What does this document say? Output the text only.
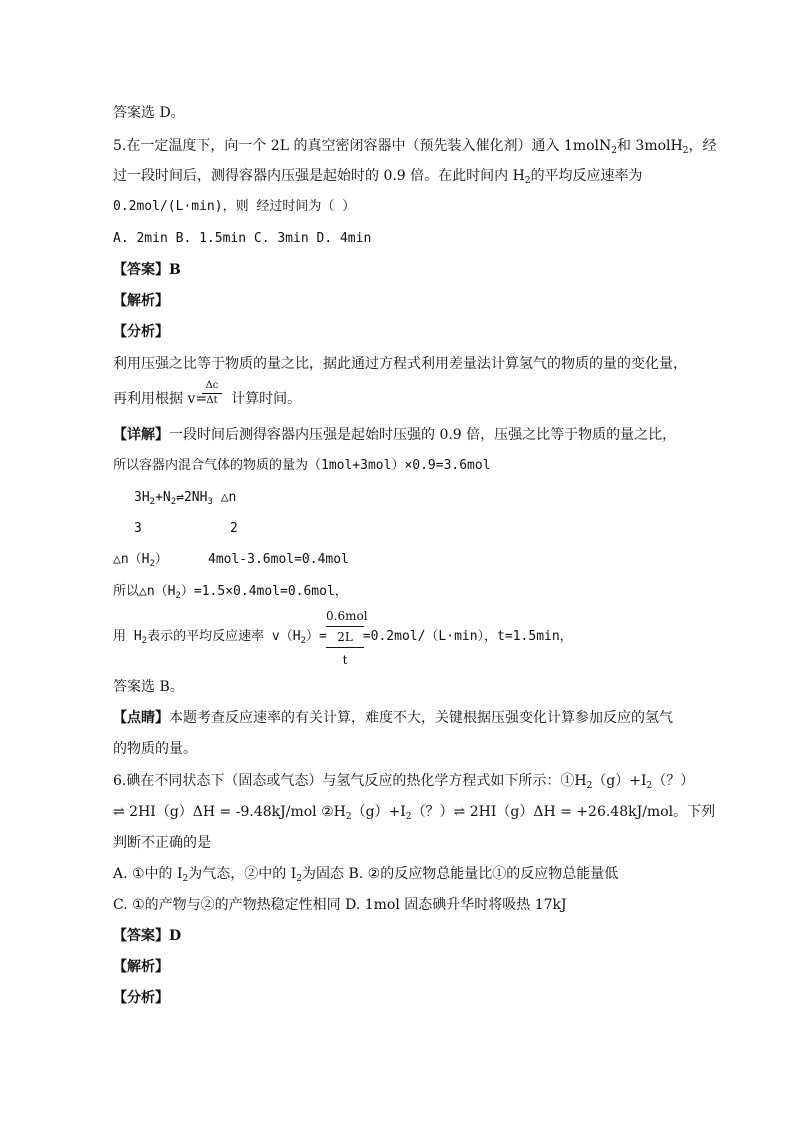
答案选 D。
5.在一定温度下，向一个 2L 的真空密闭容器中（预先装入催化剂）通入 1molN$_2$和 3molH$_2$，经
过一段时间后，测得容器内压强是起始时的 0.9 倍。在此时间内 $H_2$的平均反应速率为
0.2mol/(L·min)，则 经过时间为（ ）
A. 2min B. 1.5min C. 3min D. 4min
【答案】B
【解析】
【分析】
利用压强之比等于物质的量之比，据此通过方程式利用差量法计算氢气的物质的量的变化量，
再利用根据 v= 计算时间。
Δc
Δt
【详解】一段时间后测得容器内压强是起始时压强的 0.9 倍，压强之比等于物质的量之比，
所以容器内混合气体的物质的量为（1mol+3mol）×0.9=3.6mol
$3H_2+N_2\rightleftharpoons 2NH_3$ △n
3	2
$\triangle n(H_2)$	4mol-3.6mol=0.4mol
所以$\triangle n(H_2)=1.5\times 0.4mol=0.6mol$，
用 $H_2$表示的平均反应速率 $v(H_2)=$	=0.2mol/（L·min），t=1.5min，
0.6mol
2L
t
答案选 B。
【点睛】本题考查反应速率的有关计算，难度不大，关键根据压强变化计算参加反应的氢气
的物质的量。
6.碘在不同状态下（固态或气态）与氢气反应的热化学方程式如下所示：$①H_2(g)+I_2$（？）
⇌ 2HI（g）ΔH = -9.48kJ/mol $②H_2(g)+I_2$（？）⇌ 2HI（g）ΔH = +26.48kJ/mol。下列
判断不正确的是
A. ①中的 $I_2$为气态，②中的 $I_2$为固态 B. ②的反应物总能量比①的反应物总能量低
C. ①的产物与②的产物热稳定性相同 D. 1mol 固态碘升华时将吸热 17kJ
【答案】D
【解析】
【分析】
